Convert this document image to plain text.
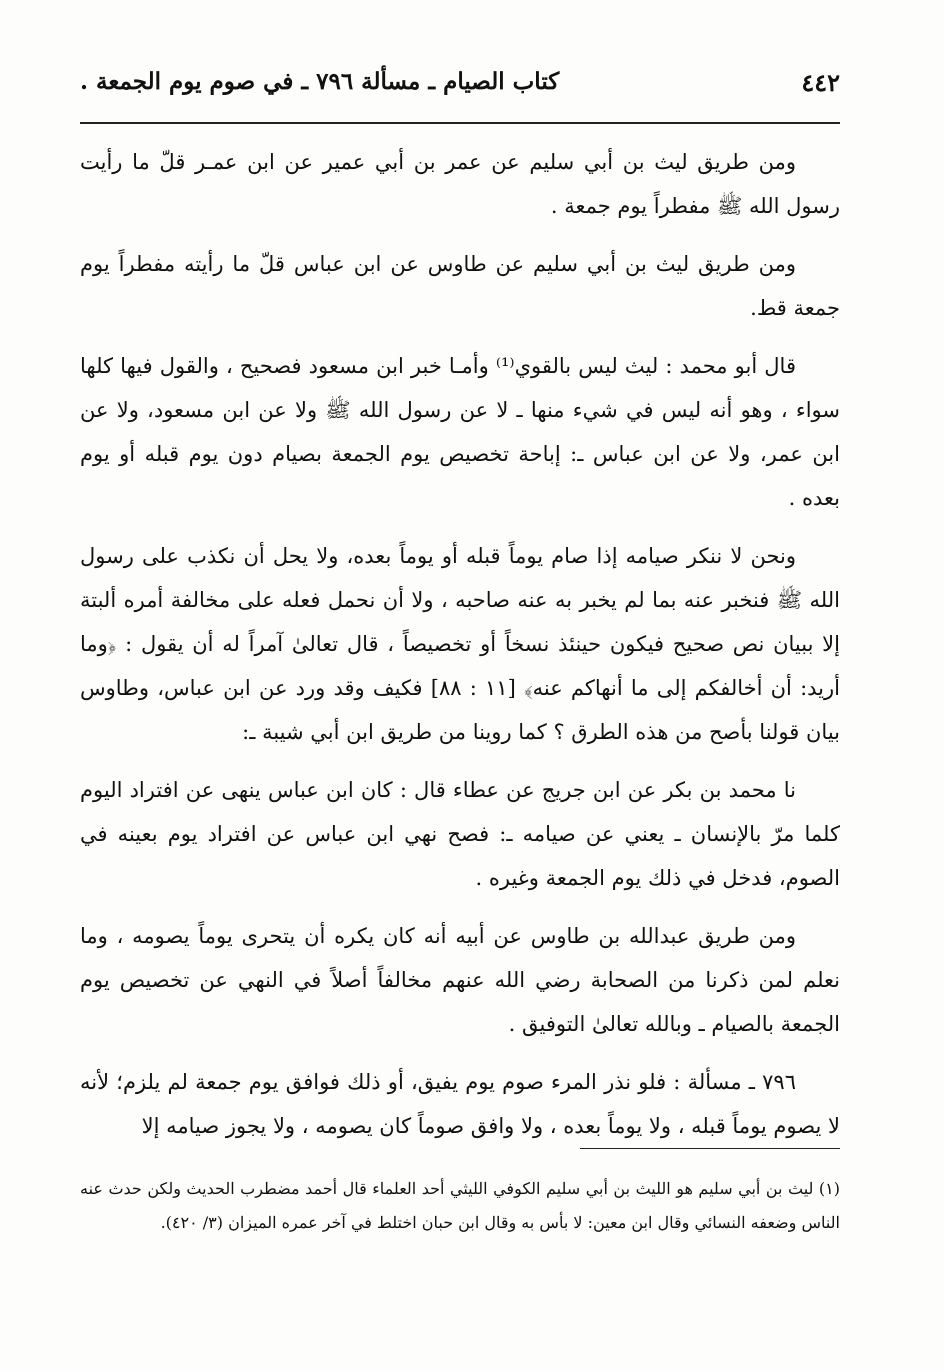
٤٤٢
كتاب الصيام ـ مسألة ٧٩٦ ـ في صوم يوم الجمعة .

ومن طريق ليث بن أبي سليم عن عمر بن أبي عمير عن ابن عمـر قلّ ما رأيت رسول الله ﷺ مفطراً يوم جمعة .

ومن طريق ليث بن أبي سليم عن طاوس عن ابن عباس قلّ ما رأيته مفطراً يوم جمعة قط.

قال أبو محمد : ليث ليس بالقوي⁽¹⁾ وأمـا خبر ابن مسعود فصحيح ، والقول فيها كلها سواء ، وهو أنه ليس في شيء منها ـ لا عن رسول الله ﷺ ولا عن ابن مسعود، ولا عن ابن عمر، ولا عن ابن عباس ـ: إباحة تخصيص يوم الجمعة بصيام دون يوم قبله أو يوم بعده .

ونحن لا ننكر صيامه إذا صام يوماً قبله أو يوماً بعده، ولا يحل أن نكذب على رسول الله ﷺ فنخبر عنه بما لم يخبر به عنه صاحبه ، ولا أن نحمل فعله على مخالفة أمره ألبتة إلا ببيان نص صحيح فيكون حينئذ نسخاً أو تخصيصاً ، قال تعالىٰ آمراً له أن يقول : ﴿وما أريد: أن أخالفكم إلى ما أنهاكم عنه﴾ [١١ : ٨٨] فكيف وقد ورد عن ابن عباس، وطاوس بيان قولنا بأصح من هذه الطرق ؟ كما روينا من طريق ابن أبي شيبة ـ:

نا محمد بن بكر عن ابن جريج عن عطاء قال : كان ابن عباس ينهى عن افتراد اليوم كلما مرّ بالإنسان ـ يعني عن صيامه ـ: فصح نهي ابن عباس عن افتراد يوم بعينه في الصوم، فدخل في ذلك يوم الجمعة وغيره .

ومن طريق عبدالله بن طاوس عن أبيه أنه كان يكره أن يتحرى يوماً يصومه ، وما نعلم لمن ذكرنا من الصحابة رضي الله عنهم مخالفاً أصلاً في النهي عن تخصيص يوم الجمعة بالصيام ـ وبالله تعالىٰ التوفيق .

٧٩٦ ـ مسألة : فلو نذر المرء صوم يوم يفيق، أو ذلك فوافق يوم جمعة لم يلزم؛ لأنه لا يصوم يوماً قبله ، ولا يوماً بعده ، ولا وافق صوماً كان يصومه ، ولا يجوز صيامه إلا

(١) ليث بن أبي سليم هو الليث بن أبي سليم الكوفي الليثي أحد العلماء قال أحمد مضطرب الحديث ولكن حدث عنه الناس وضعفه النسائي وقال ابن معين: لا بأس به وقال ابن حبان اختلط في آخر عمره الميزان (٣/ ٤٢٠).
